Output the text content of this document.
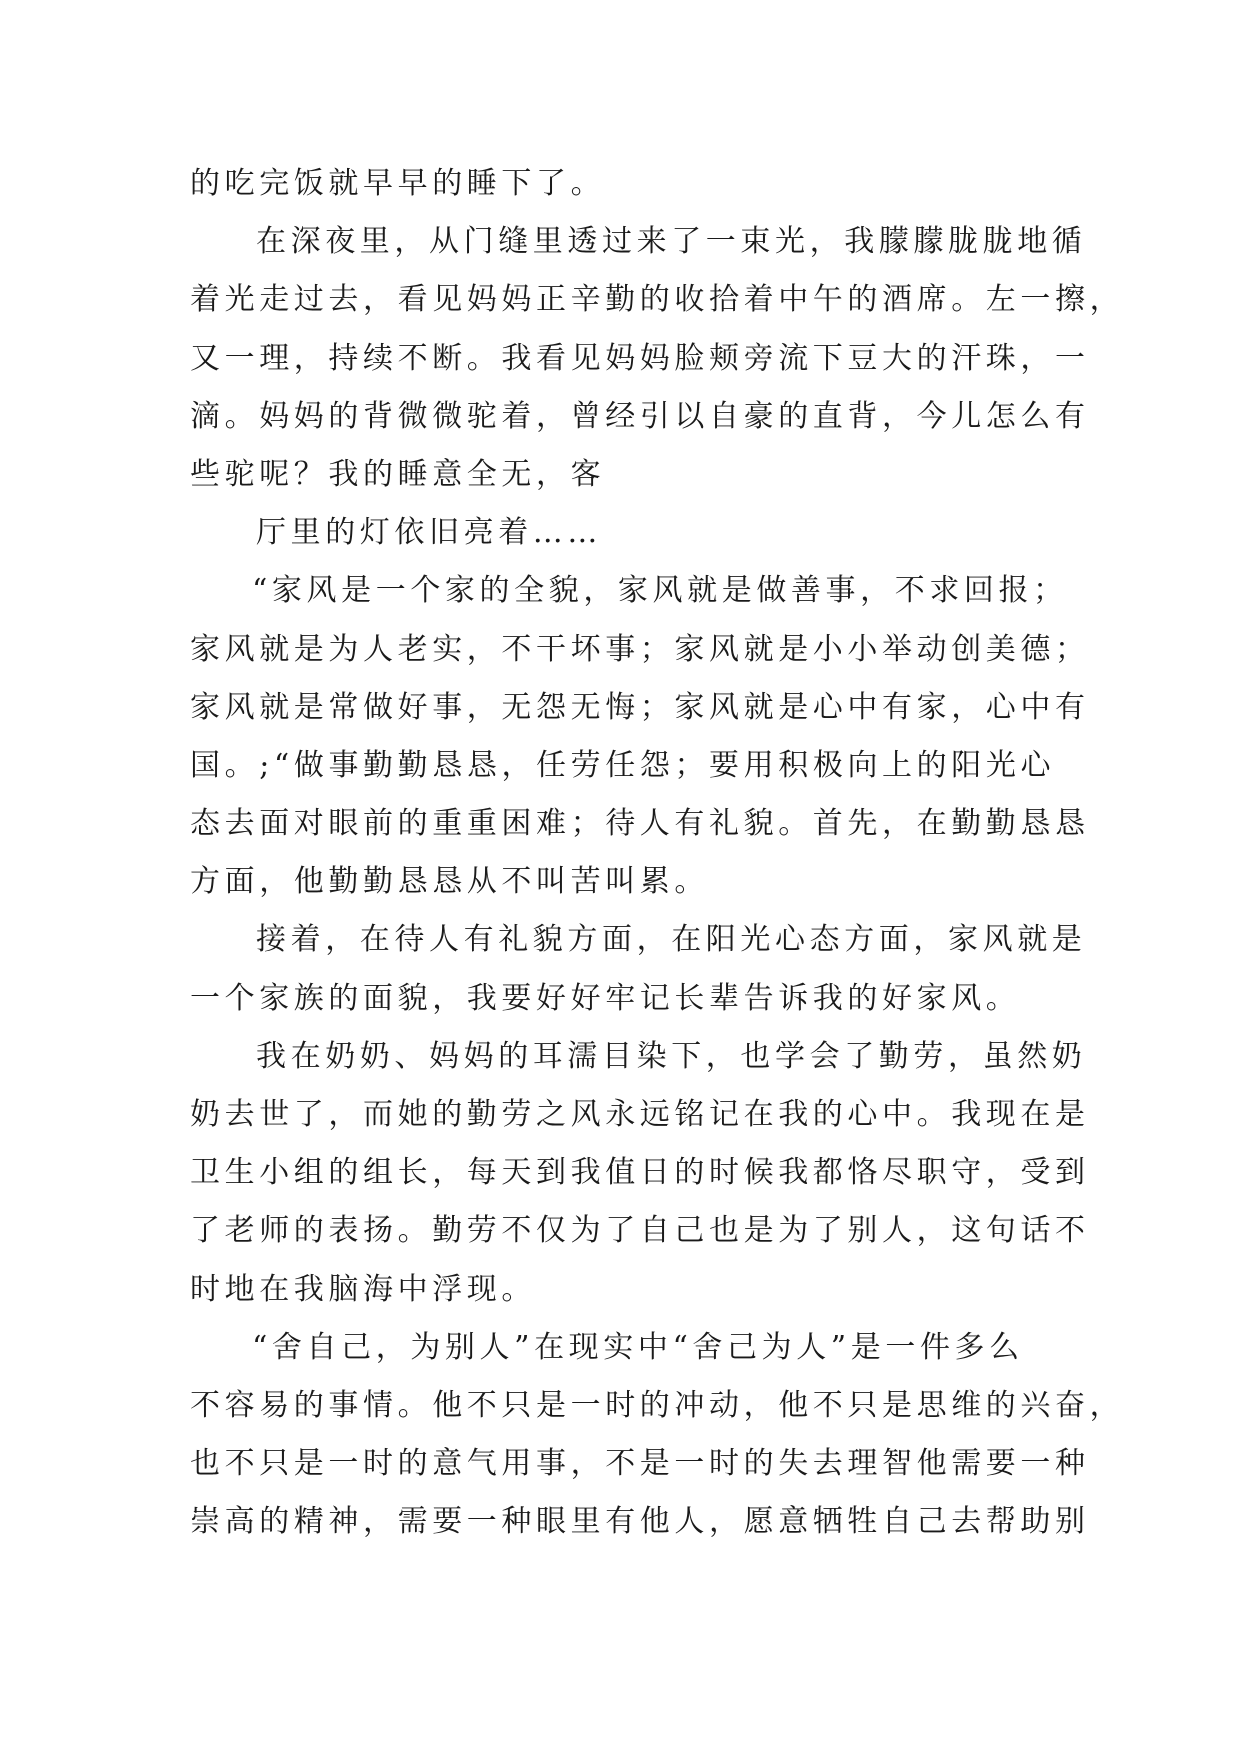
的吃完饭就早早的睡下了。
在深夜里，从门缝里透过来了一束光，我朦朦胧胧地循
着光走过去，看见妈妈正辛勤的收拾着中午的酒席。左一擦，
又一理，持续不断。我看见妈妈脸颊旁流下豆大的汗珠，一
滴。妈妈的背微微驼着，曾经引以自豪的直背，今儿怎么有
些驼呢？我的睡意全无，客
厅里的灯依旧亮着……
“家风是一个家的全貌，家风就是做善事，不求回报；
家风就是为人老实，不干坏事；家风就是小小举动创美德；
家风就是常做好事，无怨无悔；家风就是心中有家，心中有
国。;“做事勤勤恳恳，任劳任怨；要用积极向上的阳光心
态去面对眼前的重重困难；待人有礼貌。首先，在勤勤恳恳
方面，他勤勤恳恳从不叫苦叫累。
接着，在待人有礼貌方面，在阳光心态方面，家风就是
一个家族的面貌，我要好好牢记长辈告诉我的好家风。
我在奶奶、妈妈的耳濡目染下，也学会了勤劳，虽然奶
奶去世了，而她的勤劳之风永远铭记在我的心中。我现在是
卫生小组的组长，每天到我值日的时候我都恪尽职守，受到
了老师的表扬。勤劳不仅为了自己也是为了别人，这句话不
时地在我脑海中浮现。
“舍自己，为别人”在现实中“舍己为人”是一件多么
不容易的事情。他不只是一时的冲动，他不只是思维的兴奋，
也不只是一时的意气用事，不是一时的失去理智他需要一种
崇高的精神，需要一种眼里有他人，愿意牺牲自己去帮助别
